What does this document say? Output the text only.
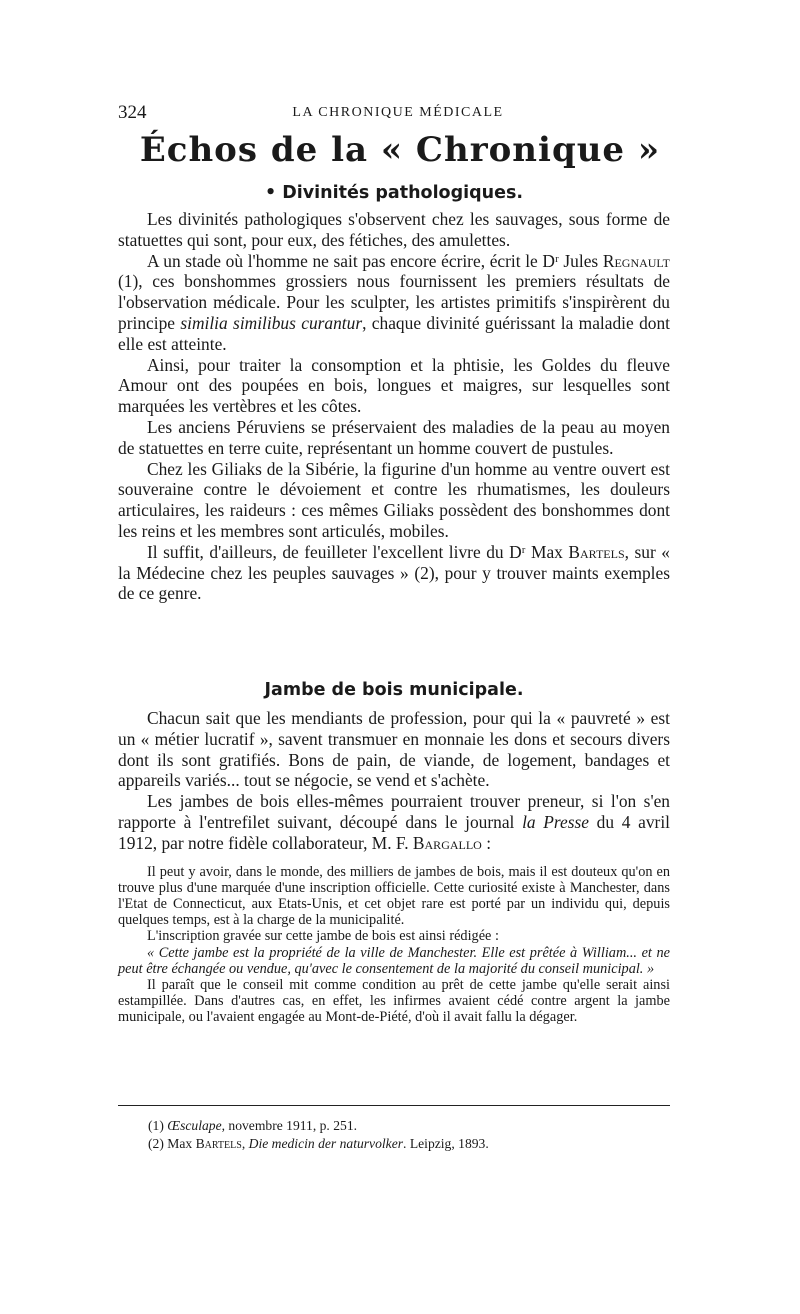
324	LA CHRONIQUE MÉDICALE
Échos de la « Chronique »
• Divinités pathologiques.

Les divinités pathologiques s'observent chez les sauvages, sous forme de statuettes qui sont, pour eux, des fétiches, des amulettes.

A un stade où l'homme ne sait pas encore écrire, écrit le Dʳ Jules Regnault (1), ces bonshommes grossiers nous fournissent les premiers résultats de l'observation médicale. Pour les sculpter, les artistes primitifs s'inspirèrent du principe similia similibus curantur, chaque divinité guérissant la maladie dont elle est atteinte.

Ainsi, pour traiter la consomption et la phtisie, les Goldes du fleuve Amour ont des poupées en bois, longues et maigres, sur lesquelles sont marquées les vertèbres et les côtes.

Les anciens Péruviens se préservaient des maladies de la peau au moyen de statuettes en terre cuite, représentant un homme couvert de pustules.

Chez les Giliaks de la Sibérie, la figurine d'un homme au ventre ouvert est souveraine contre le dévoiement et contre les rhumatismes, les douleurs articulaires, les raideurs : ces mêmes Giliaks possèdent des bonshommes dont les reins et les membres sont articulés, mobiles.

Il suffit, d'ailleurs, de feuilleter l'excellent livre du Dʳ Max Bartels, sur « la Médecine chez les peuples sauvages » (2), pour y trouver maints exemples de ce genre.

Jambe de bois municipale.

Chacun sait que les mendiants de profession, pour qui la « pauvreté » est un « métier lucratif », savent transmuer en monnaie les dons et secours divers dont ils sont gratifiés. Bons de pain, de viande, de logement, bandages et appareils variés... tout se négocie, se vend et s'achète.

Les jambes de bois elles-mêmes pourraient trouver preneur, si l'on s'en rapporte à l'entrefilet suivant, découpé dans le journal la Presse du 4 avril 1912, par notre fidèle collaborateur, M. F. Bargallo :

Il peut y avoir, dans le monde, des milliers de jambes de bois, mais il est douteux qu'on en trouve plus d'une marquée d'une inscription officielle. Cette curiosité existe à Manchester, dans l'Etat de Connecticut, aux Etats-Unis, et cet objet rare est porté par un individu qui, depuis quelques temps, est à la charge de la municipalité.

L'inscription gravée sur cette jambe de bois est ainsi rédigée :

« Cette jambe est la propriété de la ville de Manchester. Elle est prêtée à William... et ne peut être échangée ou vendue, qu'avec le consentement de la majorité du conseil municipal. »

Il paraît que le conseil mit comme condition au prêt de cette jambe qu'elle serait ainsi estampillée. Dans d'autres cas, en effet, les infirmes avaient cédé contre argent la jambe municipale, ou l'avaient engagée au Mont-de-Piété, d'où il avait fallu la dégager.

(1) Œsculape, novembre 1911, p. 251.
(2) Max Bartels, Die medicin der naturvolker. Leipzig, 1893.
